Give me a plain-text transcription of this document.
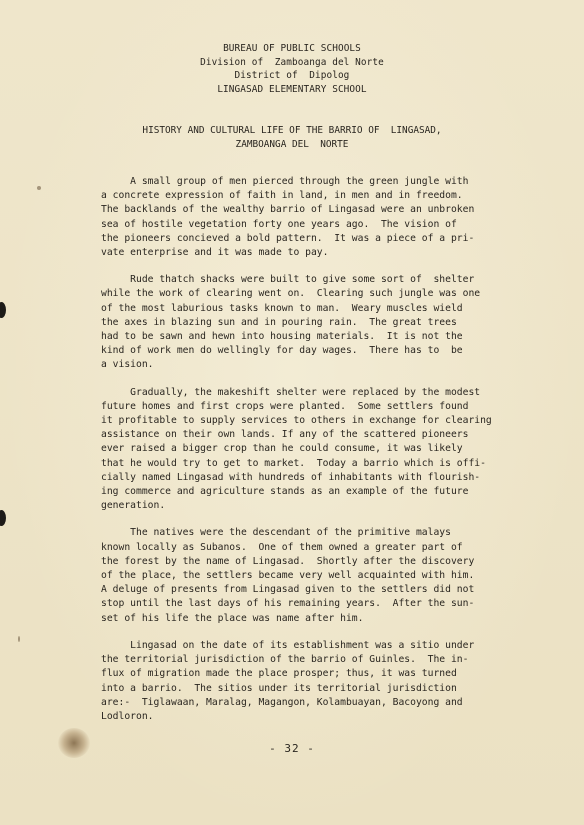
BUREAU OF PUBLIC SCHOOLS
Division of  Zamboanga del Norte
District of  Dipolog
LINGASAD ELEMENTARY SCHOOL
HISTORY AND CULTURAL LIFE OF THE BARRIO OF  LINGASAD,
ZAMBOANGA DEL  NORTE
A small group of men pierced through the green jungle with
a concrete expression of faith in land, in men and in freedom.
The backlands of the wealthy barrio of Lingasad were an unbroken
sea of hostile vegetation forty one years ago.  The vision of
the pioneers concieved a bold pattern.  It was a piece of a pri-
vate enterprise and it was made to pay.
Rude thatch shacks were built to give some sort of  shelter
while the work of clearing went on.  Clearing such jungle was one
of the most laburious tasks known to man.  Weary muscles wield
the axes in blazing sun and in pouring rain.  The great trees
had to be sawn and hewn into housing materials.  It is not the
kind of work men do wellingly for day wages.  There has to  be
a vision.
Gradually, the makeshift shelter were replaced by the modest
future homes and first crops were planted.  Some settlers found
it profitable to supply services to others in exchange for clearing
assistance on their own lands. If any of the scattered pioneers
ever raised a bigger crop than he could consume, it was likely
that he would try to get to market.  Today a barrio which is offi-
cially named Lingasad with hundreds of inhabitants with flourish-
ing commerce and agriculture stands as an example of the future
generation.
The natives were the descendant of the primitive malays
known locally as Subanos.  One of them owned a greater part of
the forest by the name of Lingasad.  Shortly after the discovery
of the place, the settlers became very well acquainted with him.
A deluge of presents from Lingasad given to the settlers did not
stop until the last days of his remaining years.  After the sun-
set of his life the place was name after him.
Lingasad on the date of its establishment was a sitio under
the territorial jurisdiction of the barrio of Guinles.  The in-
flux of migration made the place prosper; thus, it was turned
into a barrio.  The sitios under its territorial jurisdiction
are:-  Tiglawaan, Maralag, Magangon, Kolambuayan, Bacoyong and
Lodloron.
- 32 -
